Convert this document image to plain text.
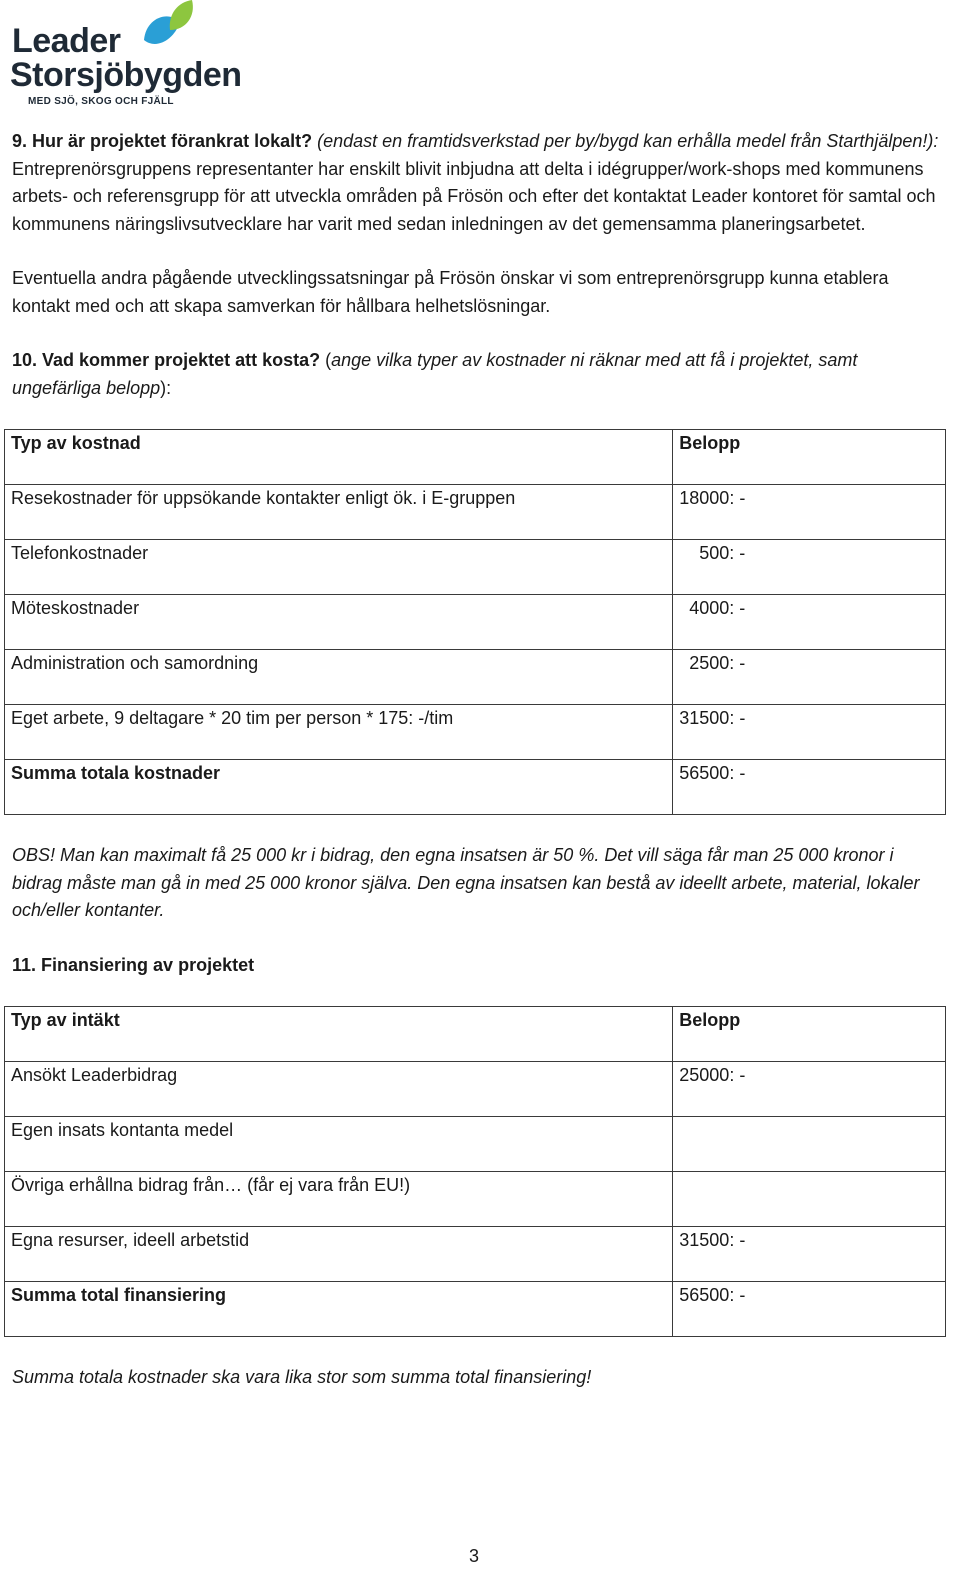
Leader
Storsjöbygden
MED SJÖ, SKOG OCH FJÄLL

9. Hur är projektet förankrat lokalt? (endast en framtidsverkstad per by/bygd kan erhålla medel från Starthjälpen!):

Entreprenörsgruppens representanter har enskilt blivit inbjudna att delta i idégrupper/work-shops med kommunens arbets- och referensgrupp för att utveckla områden på Frösön och efter det kontaktat Leader kontoret för samtal och kommunens näringslivsutvecklare har varit med sedan inledningen av det gemensamma planeringsarbetet.

Eventuella andra pågående utvecklingssatsningar på Frösön önskar vi som entreprenörsgrupp kunna etablera kontakt med och att skapa samverkan för hållbara helhetslösningar.

10. Vad kommer projektet att kosta? (ange vilka typer av kostnader ni räknar med att få i projektet, samt ungefärliga belopp):

Typ av kostnad	Belopp
Resekostnader för uppsökande kontakter enligt ök. i E-gruppen	18000: -
Telefonkostnader	500: -
Möteskostnader	4000: -
Administration och samordning	2500: -
Eget arbete, 9 deltagare * 20 tim per person * 175: -/tim	31500: -
Summa totala kostnader	56500: -

OBS! Man kan maximalt få 25 000 kr i bidrag, den egna insatsen är 50 %. Det vill säga får man 25 000 kronor i bidrag måste man gå in med 25 000 kronor själva. Den egna insatsen kan bestå av ideellt arbete, material, lokaler och/eller kontanter.

11. Finansiering av projektet

Typ av intäkt	Belopp
Ansökt Leaderbidrag	25000: -
Egen insats kontanta medel	
Övriga erhållna bidrag från… (får ej vara från EU!)	
Egna resurser, ideell arbetstid	31500: -
Summa total finansiering	56500: -

Summa totala kostnader ska vara lika stor som summa total finansiering!

3
